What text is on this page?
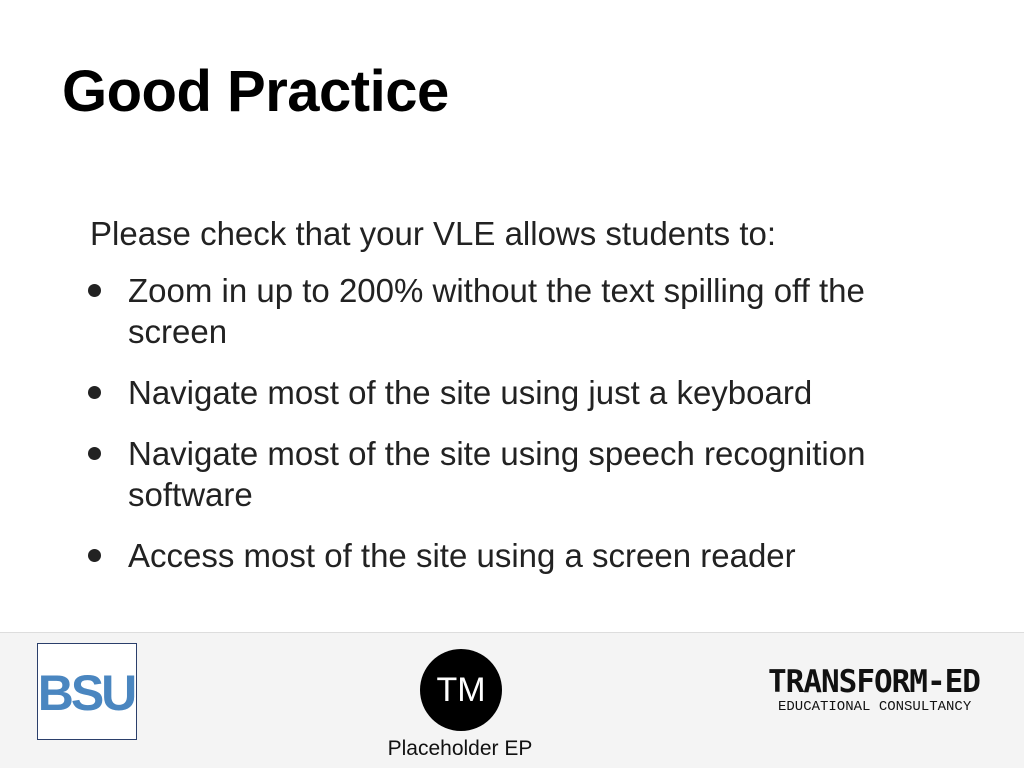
Good Practice
Please check that your VLE allows students to:
Zoom in up to 200% without the text spilling off the screen
Navigate most of the site using just a keyboard
Navigate most of the site using speech recognition software
Access most of the site using a screen reader
BSU	TM
Placeholder EP
TRANSFORM-ED
EDUCATIONAL CONSULTANCY
